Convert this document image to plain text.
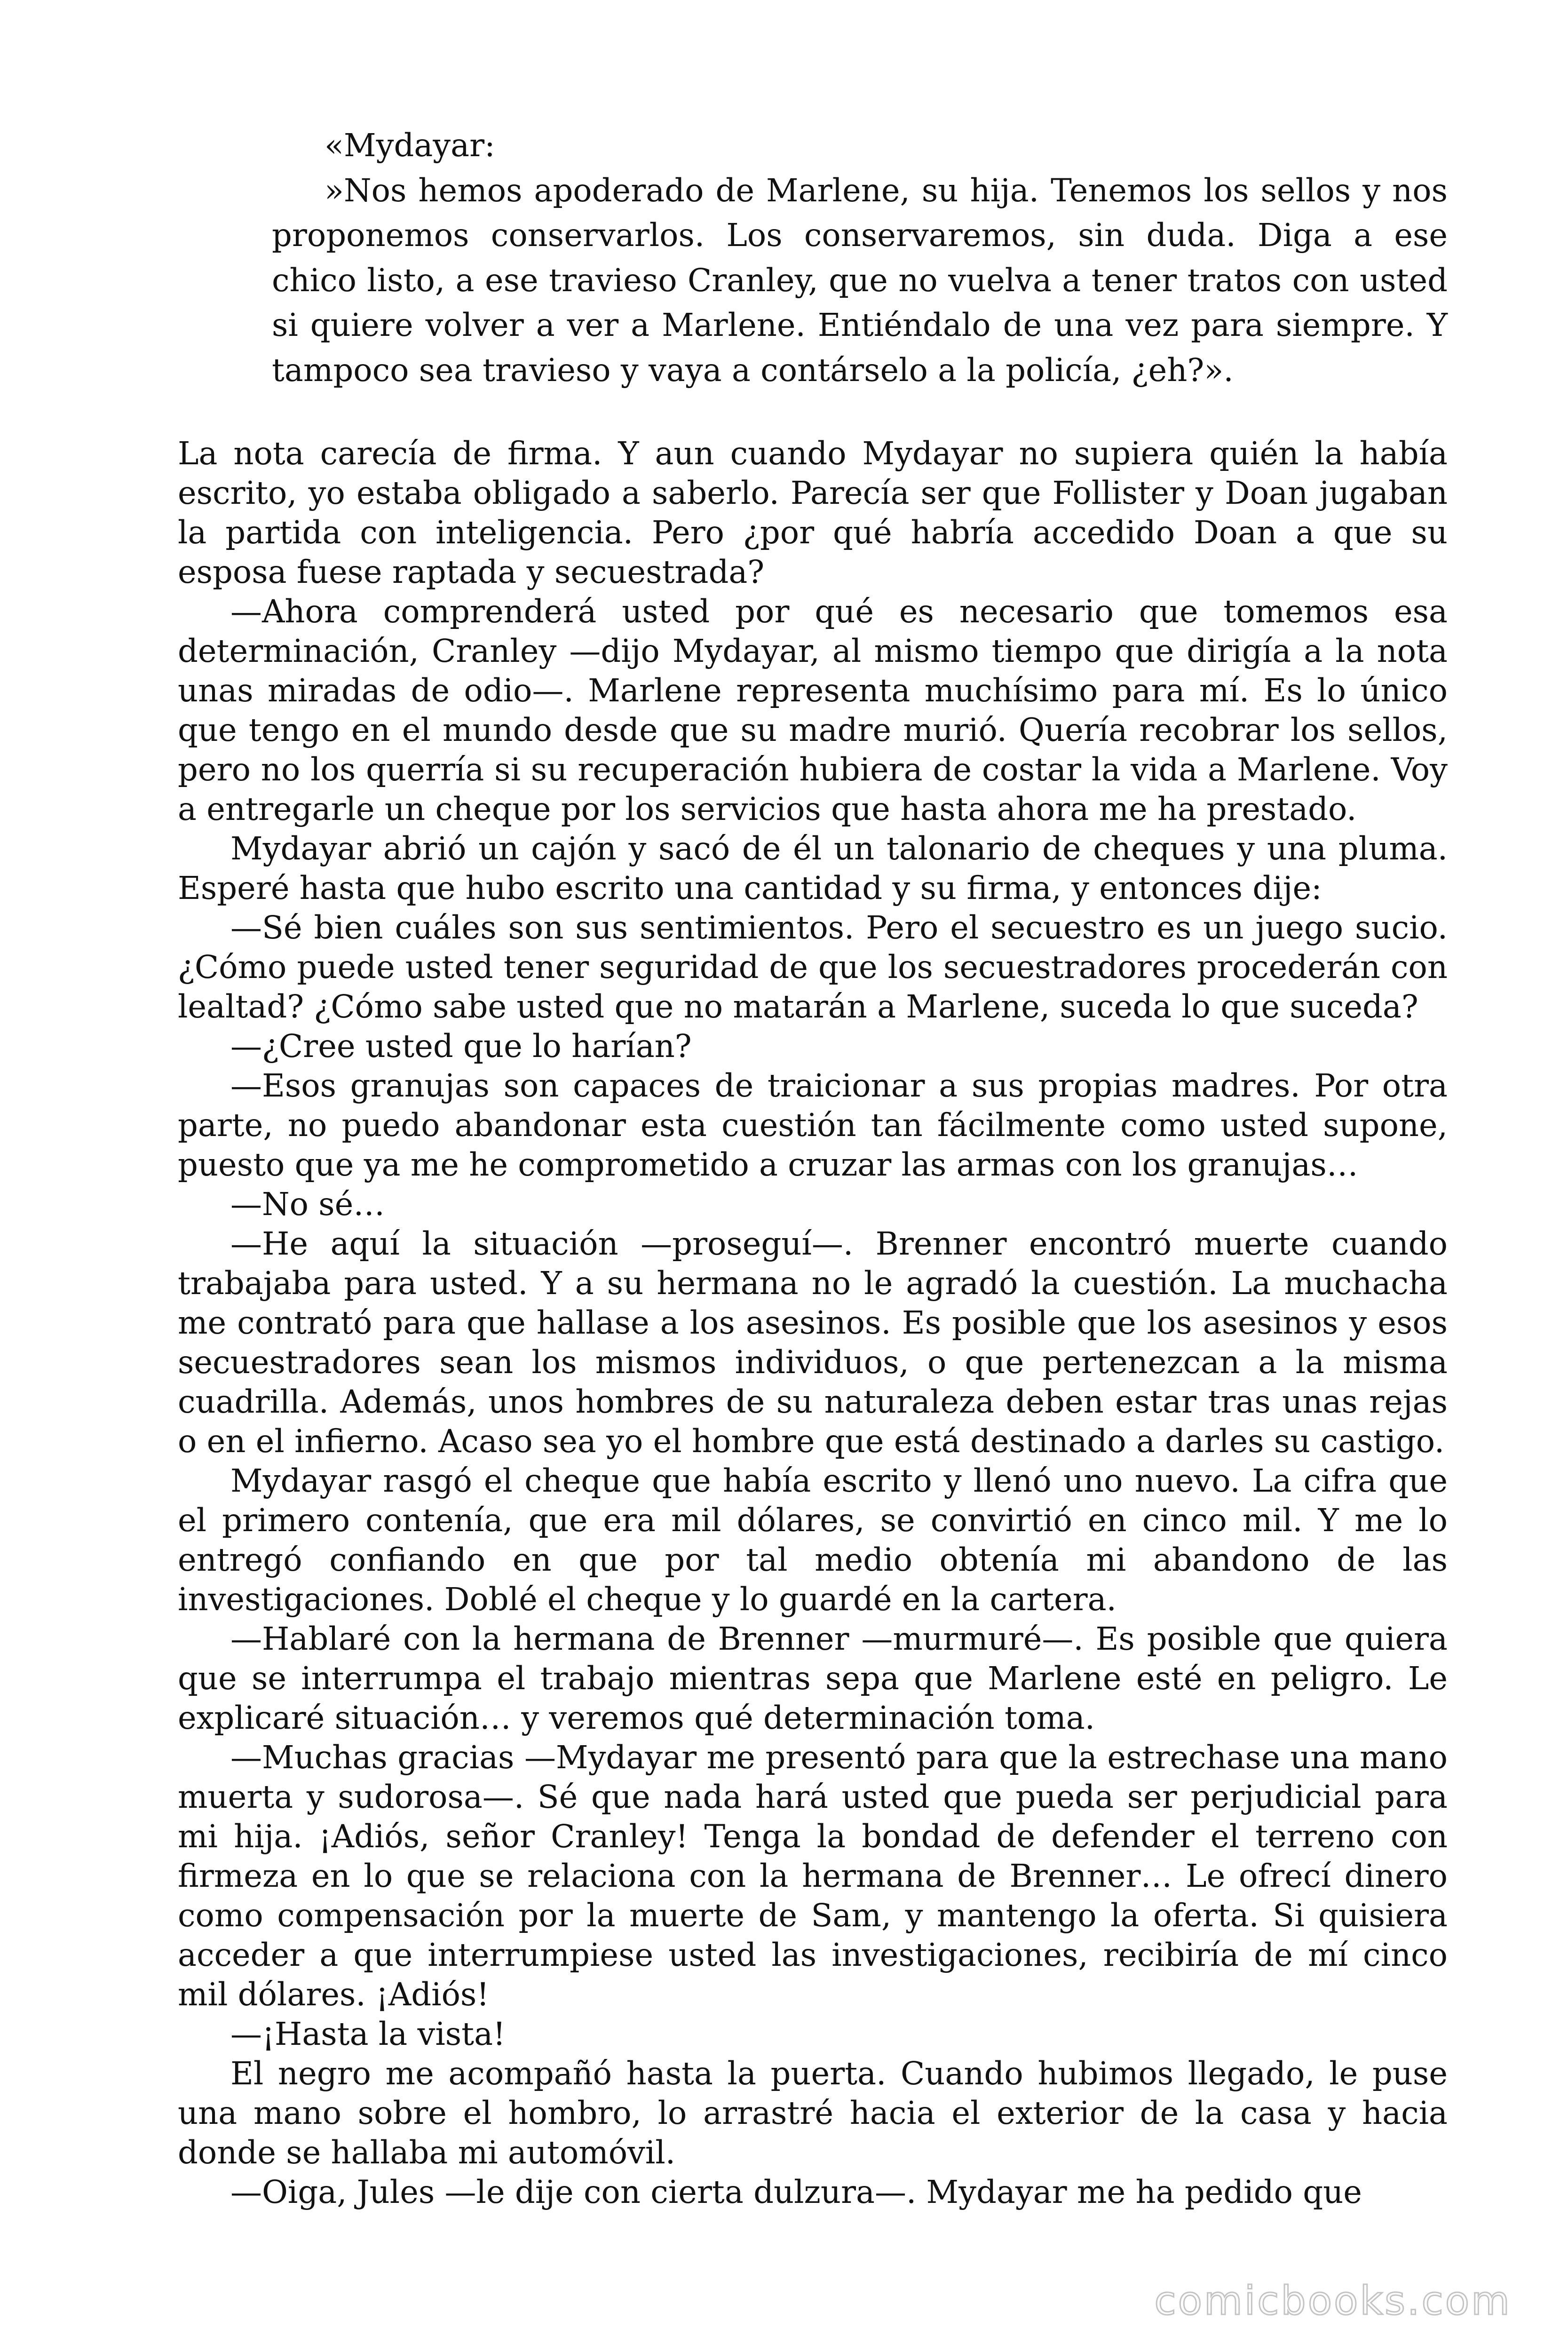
«Mydayar:

»Nos hemos apoderado de Marlene, su hija. Tenemos los sellos y nos proponemos conservarlos. Los conservaremos, sin duda. Diga a ese chico listo, a ese travieso Cranley, que no vuelva a tener tratos con usted si quiere volver a ver a Marlene. Entiéndalo de una vez para siempre. Y tampoco sea travieso y vaya a contárselo a la policía, ¿eh?».

La nota carecía de firma. Y aun cuando Mydayar no supiera quién la había escrito, yo estaba obligado a saberlo. Parecía ser que Follister y Doan jugaban la partida con inteligencia. Pero ¿por qué habría accedido Doan a que su esposa fuese raptada y secuestrada?

—Ahora comprenderá usted por qué es necesario que tomemos esa determinación, Cranley —dijo Mydayar, al mismo tiempo que dirigía a la nota unas miradas de odio—. Marlene representa muchísimo para mí. Es lo único que tengo en el mundo desde que su madre murió. Quería recobrar los sellos, pero no los querría si su recuperación hubiera de costar la vida a Marlene. Voy a entregarle un cheque por los servicios que hasta ahora me ha prestado.

Mydayar abrió un cajón y sacó de él un talonario de cheques y una pluma. Esperé hasta que hubo escrito una cantidad y su firma, y entonces dije:

—Sé bien cuáles son sus sentimientos. Pero el secuestro es un juego sucio. ¿Cómo puede usted tener seguridad de que los secuestradores procederán con lealtad? ¿Cómo sabe usted que no matarán a Marlene, suceda lo que suceda?

—¿Cree usted que lo harían?

—Esos granujas son capaces de traicionar a sus propias madres. Por otra parte, no puedo abandonar esta cuestión tan fácilmente como usted supone, puesto que ya me he comprometido a cruzar las armas con los granujas…

—No sé…

—He aquí la situación —proseguí—. Brenner encontró muerte cuando trabajaba para usted. Y a su hermana no le agradó la cuestión. La muchacha me contrató para que hallase a los asesinos. Es posible que los asesinos y esos secuestradores sean los mismos individuos, o que pertenezcan a la misma cuadrilla. Además, unos hombres de su naturaleza deben estar tras unas rejas o en el infierno. Acaso sea yo el hombre que está destinado a darles su castigo.

Mydayar rasgó el cheque que había escrito y llenó uno nuevo. La cifra que el primero contenía, que era mil dólares, se convirtió en cinco mil. Y me lo entregó confiando en que por tal medio obtenía mi abandono de las investigaciones. Doblé el cheque y lo guardé en la cartera.

—Hablaré con la hermana de Brenner —murmuré—. Es posible que quiera que se interrumpa el trabajo mientras sepa que Marlene esté en peligro. Le explicaré situación… y veremos qué determinación toma.

—Muchas gracias —Mydayar me presentó para que la estrechase una mano muerta y sudorosa—. Sé que nada hará usted que pueda ser perjudicial para mi hija. ¡Adiós, señor Cranley! Tenga la bondad de defender el terreno con firmeza en lo que se relaciona con la hermana de Brenner… Le ofrecí dinero como compensación por la muerte de Sam, y mantengo la oferta. Si quisiera acceder a que interrumpiese usted las investigaciones, recibiría de mí cinco mil dólares. ¡Adiós!

—¡Hasta la vista!

El negro me acompañó hasta la puerta. Cuando hubimos llegado, le puse una mano sobre el hombro, lo arrastré hacia el exterior de la casa y hacia donde se hallaba mi automóvil.

—Oiga, Jules —le dije con cierta dulzura—. Mydayar me ha pedido que

comicbooks.com
